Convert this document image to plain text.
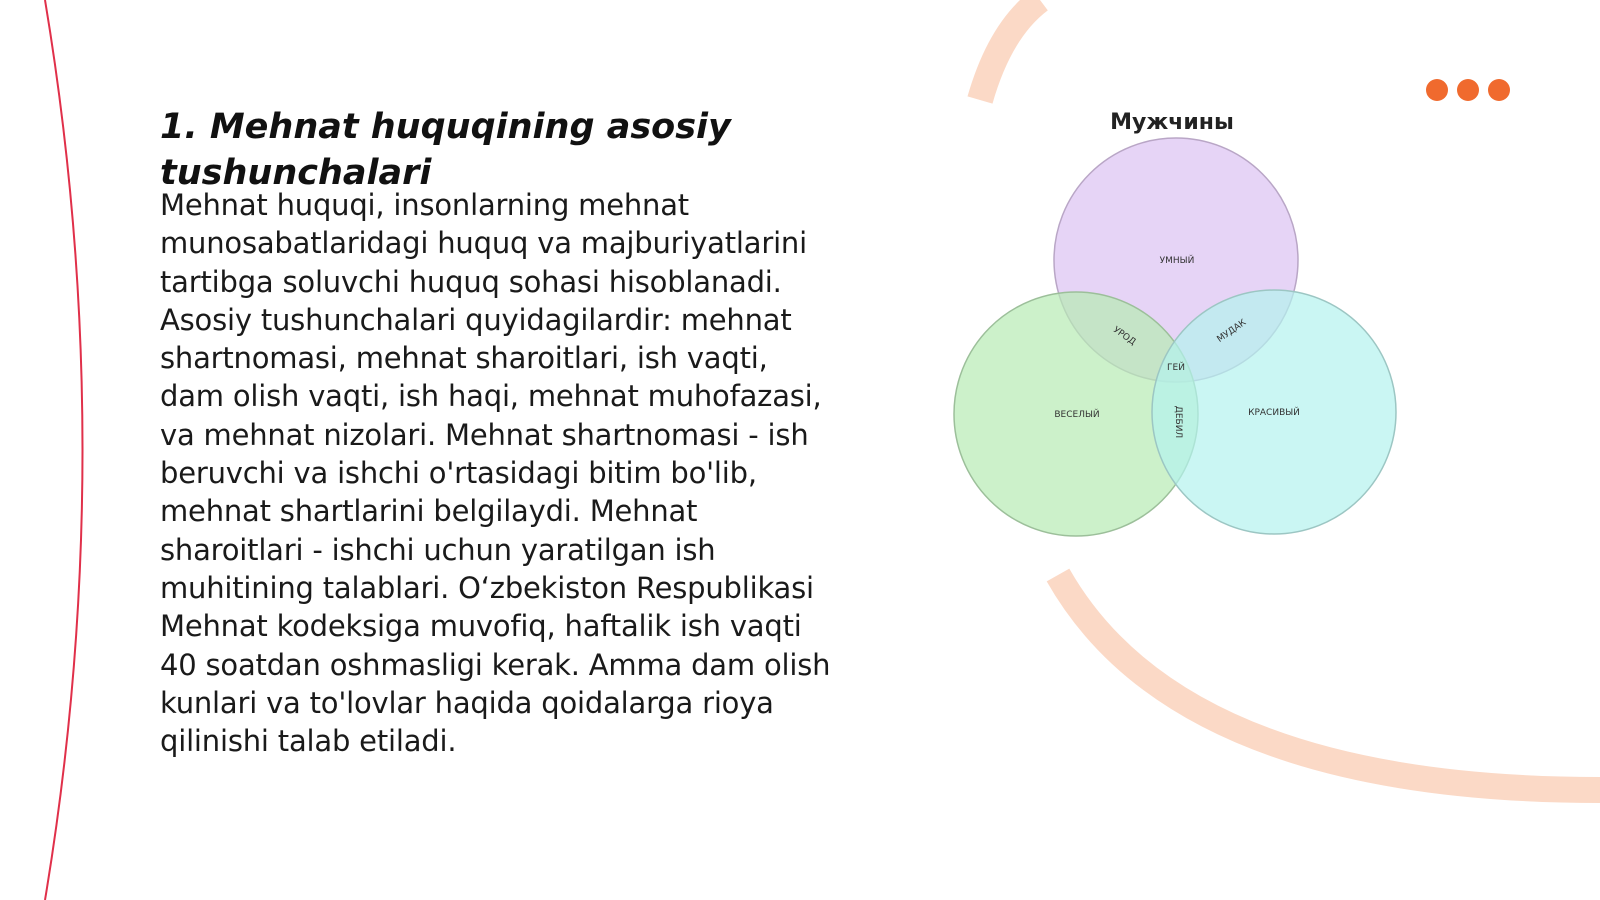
1. Mehnat huquqining asosiy tushunchalari

Mehnat huquqi, insonlarning mehnat munosabatlaridagi huquq va majburiyatlarini tartibga soluvchi huquq sohasi hisoblanadi. Asosiy tushunchalari quyidagilardir: mehnat shartnomasi, mehnat sharoitlari, ish vaqti, dam olish vaqti, ish haqi, mehnat muhofazasi, va mehnat nizolari. Mehnat shartnomasi - ish beruvchi va ishchi o'rtasidagi bitim bo'lib, mehnat shartlarini belgilaydi. Mehnat sharoitlari - ishchi uchun yaratilgan ish muhitining talablari. O‘zbekiston Respublikasi Mehnat kodeksiga muvofiq, haftalik ish vaqti 40 soatdan oshmasligi kerak. Amma dam olish kunlari va to'lovlar haqida qoidalarga rioya qilinishi talab etiladi.

Мужчины
УМНЫЙ
ВЕСЕЛЫЙ	КРАСИВЫЙ
УРОД	МУДАК
ГЕЙ
ДЕБИЛ
